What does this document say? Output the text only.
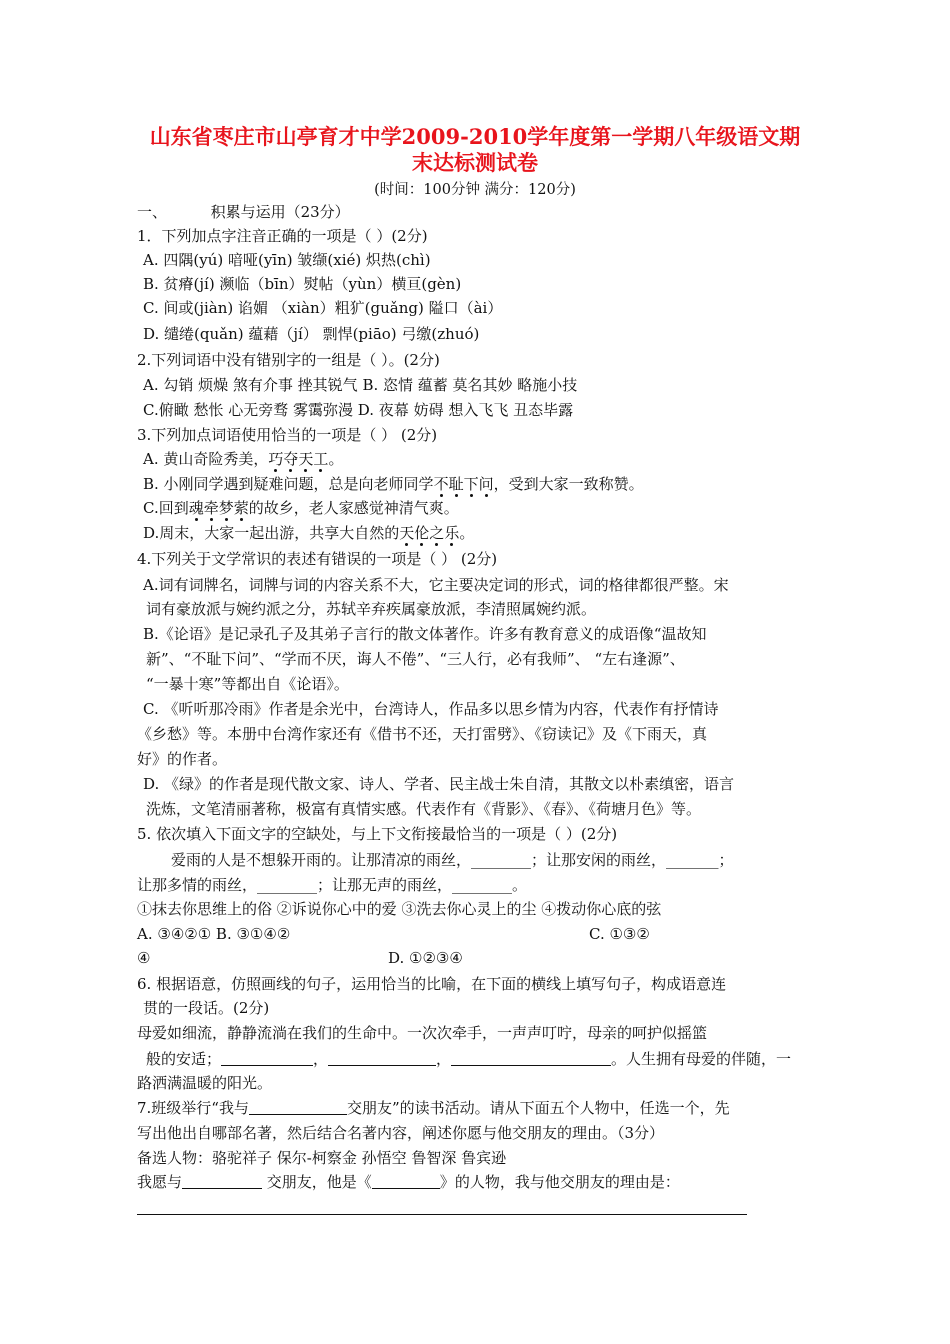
山东省枣庄市山亭育才中学2009-2010学年度第一学期八年级语文期
末达标测试卷
(时间：100分钟 满分：120分)
一、	积累与运用（23分）
1．下列加点字注音正确的一项是（ ）(2分)
A. 四隅(yú) 喑哑(yīn) 皱缬(xié) 炽热(chì)
B. 贫瘠(jí) 濒临（bīn）熨帖（yùn）横亘(gèn)
C. 间或(jiàn) 谄媚 （xiàn）粗犷(guǎng) 隘口（ài）
D. 缱绻(quǎn) 蕴藉（jí） 剽悍(piāo) 弓缴(zhuó)
2.下列词语中没有错别字的一组是（ ）。(2分)
A. 勾销 烦燥 煞有介事 挫其锐气 B. 恣情 蕴蓄 莫名其妙 略施小技
C.俯瞰 愁怅 心无旁骛 雾霭弥漫 D. 夜幕 妨碍 想入飞飞 丑态毕露
3.下列加点词语使用恰当的一项是（ ） (2分)
A. 黄山奇险秀美，巧夺天工。
B. 小刚同学遇到疑难问题，总是向老师同学不耻下问，受到大家一致称赞。
C.回到魂牵梦萦的故乡，老人家感觉神清气爽。
D.周末，大家一起出游，共享大自然的天伦之乐。
4.下列关于文学常识的表述有错误的一项是（ ） (2分)
A.词有词牌名，词牌与词的内容关系不大，它主要决定词的形式，词的格律都很严整。宋
词有豪放派与婉约派之分，苏轼辛弃疾属豪放派，李清照属婉约派。
B.《论语》是记录孔子及其弟子言行的散文体著作。许多有教育意义的成语像“温故知
新”、“不耻下问”、“学而不厌，诲人不倦”、“三人行，必有我师”、 “左右逢源”、
“一暴十寒”等都出自《论语》。
C. 《听听那冷雨》作者是余光中，台湾诗人，作品多以思乡情为内容，代表作有抒情诗
《乡愁》等。本册中台湾作家还有《借书不还，天打雷劈》、《窃读记》及《下雨天，真
好》的作者。
D. 《绿》的作者是现代散文家、诗人、学者、民主战士朱自清，其散文以朴素缜密，语言
洗炼，文笔清丽著称，极富有真情实感。代表作有《背影》、《春》、《荷塘月色》等。
5. 依次填入下面文字的空缺处，与上下文衔接最恰当的一项是（ ）(2分)
爱雨的人是不想躲开雨的。让那清凉的雨丝，________；让那安闲的雨丝，_______；
让那多情的雨丝，________；让那无声的雨丝，________。
①抹去你思维上的俗 ②诉说你心中的爱 ③洗去你心灵上的尘 ④拨动你心底的弦
A. ③④②① B. ③①④②	C. ①③②
④	D. ①②③④
6. 根据语意，仿照画线的句子，运用恰当的比喻，在下面的横线上填写句子，构成语意连
贯的一段话。(2分)
母爱如细流，静静流淌在我们的生命中。一次次牵手，一声声叮咛，母亲的呵护似摇篮
般的安适；	，	，	。人生拥有母爱的伴随，一
路洒满温暖的阳光。
7.班级举行“我与	交朋友”的读书活动。请从下面五个人物中，任选一个，先
写出他出自哪部名著，然后结合名著内容，阐述你愿与他交朋友的理由。（3分）
备选人物：骆驼祥子 保尔-柯察金 孙悟空 鲁智深 鲁宾逊
我愿与	交朋友，他是《	》的人物，我与他交朋友的理由是：
